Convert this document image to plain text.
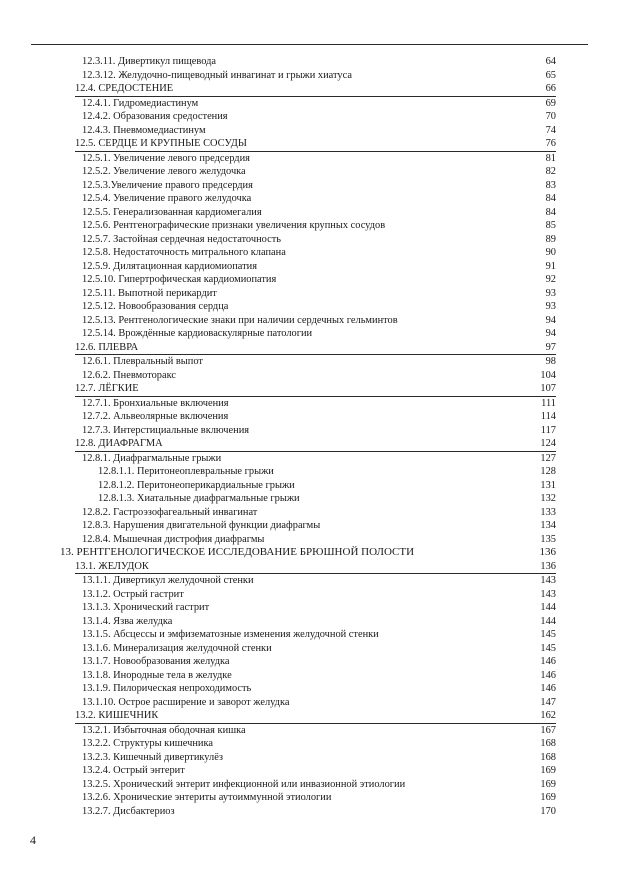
12.3.11. Дивертикул пищевода	64
12.3.12. Желудочно-пищеводный инвагинат и грыжи хиатуса	65
12.4. СРЕДОСТЕНИЕ	66
12.4.1. Гидромедиастинум	69
12.4.2. Образования средостения	70
12.4.3. Пневмомедиастинум	74
12.5. СЕРДЦЕ И КРУПНЫЕ СОСУДЫ	76
12.5.1. Увеличение левого предсердия	81
12.5.2. Увеличение левого желудочка	82
12.5.3.Увеличение правого предсердия	83
12.5.4. Увеличение правого желудочка	84
12.5.5. Генерализованная кардиомегалия	84
12.5.6. Рентгенографические признаки увеличения крупных сосудов	85
12.5.7. Застойная сердечная недостаточность	89
12.5.8. Недостаточность митрального клапана	90
12.5.9. Дилятационная кардиомиопатия	91
12.5.10. Гипертрофическая кардиомиопатия	92
12.5.11. Выпотной перикардит	93
12.5.12. Новообразования сердца	93
12.5.13. Рентгенологические знаки при наличии сердечных гельминтов	94
12.5.14. Врождённые кардиоваскулярные патологии	94
12.6. ПЛЕВРА	97
12.6.1. Плевральный выпот	98
12.6.2. Пневмоторакс	104
12.7. ЛЁГКИЕ	107
12.7.1. Бронхиальные включения	111
12.7.2. Альвеолярные включения	114
12.7.3. Интерстициальные включения	117
12.8. ДИАФРАГМА	124
12.8.1. Диафрагмальные грыжи	127
12.8.1.1. Перитонеоплевральные грыжи	128
12.8.1.2. Перитонеоперикардиальные грыжи	131
12.8.1.3. Хиатальные диафрагмальные грыжи	132
12.8.2. Гастроэзофагеальный инвагинат	133
12.8.3. Нарушения двигательной функции диафрагмы	134
12.8.4. Мышечная дистрофия диафрагмы	135
13. РЕНТГЕНОЛОГИЧЕСКОЕ ИССЛЕДОВАНИЕ БРЮШНОЙ ПОЛОСТИ	136
13.1. ЖЕЛУДОК	136
13.1.1. Дивертикул желудочной стенки	143
13.1.2. Острый гастрит	143
13.1.3. Хронический гастрит	144
13.1.4. Язва желудка	144
13.1.5. Абсцессы и эмфизематозные изменения желудочной стенки	145
13.1.6. Минерализация желудочной стенки	145
13.1.7. Новообразования желудка	146
13.1.8. Инородные тела в желудке	146
13.1.9. Пилорическая непроходимость	146
13.1.10. Острое расширение и заворот желудка	147
13.2. КИШЕЧНИК	162
13.2.1. Избыточная ободочная кишка	167
13.2.2. Структуры кишечника	168
13.2.3. Кишечный дивертикулёз	168
13.2.4. Острый энтерит	169
13.2.5. Хронический энтерит инфекционной или инвазионной этиологии	169
13.2.6. Хронические энтериты аутоиммунной этиологии	169
13.2.7. Дисбактериоз	170
4
